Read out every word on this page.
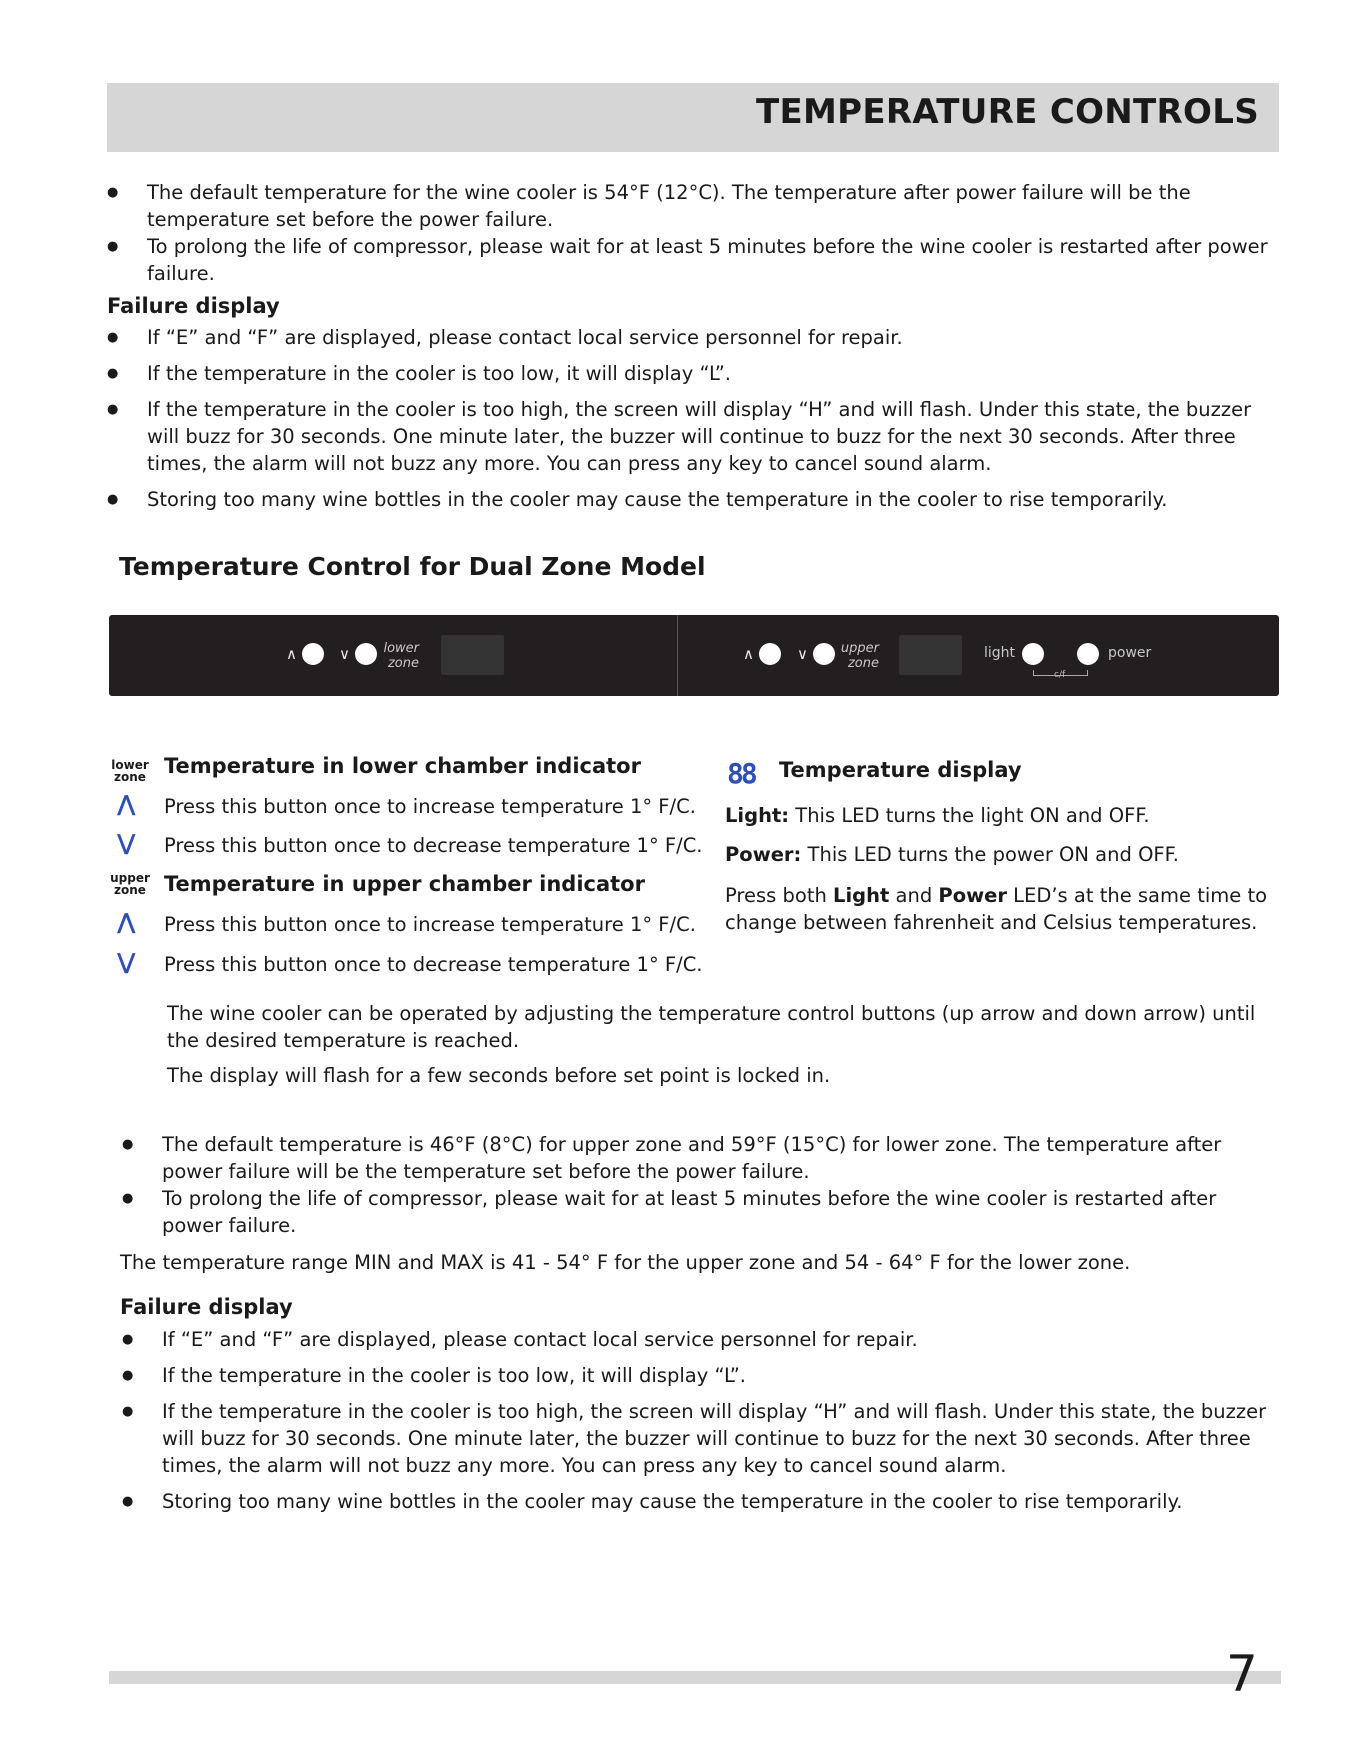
TEMPERATURE CONTROLS
● The default temperature for the wine cooler is 54°F (12°C). The temperature after power failure will be the temperature set before the power failure.
● To prolong the life of compressor, please wait for at least 5 minutes before the wine cooler is restarted after power failure.
Failure display
● If “E” and “F” are displayed, please contact local service personnel for repair.
● If the temperature in the cooler is too low, it will display “L”.
● If the temperature in the cooler is too high, the screen will display “H” and will flash. Under this state, the buzzer will buzz for 30 seconds. One minute later, the buzzer will continue to buzz for the next 30 seconds. After three times, the alarm will not buzz any more. You can press any key to cancel sound alarm.
● Storing too many wine bottles in the cooler may cause the temperature in the cooler to rise temporarily.
Temperature Control for Dual Zone Model
∧	∨	lower
zone
∧	∨	upper
zone
light	power
c/f
lower
zone Temperature in lower chamber indicator
⋀ Press this button once to increase temperature 1° F/C.
⋁ Press this button once to decrease temperature 1° F/C.
upper
zone Temperature in upper chamber indicator
⋀ Press this button once to increase temperature 1° F/C.
⋁ Press this button once to decrease temperature 1° F/C.
88 Temperature display
Light: This LED turns the light ON and OFF.
Power: This LED turns the power ON and OFF.
Press both Light and Power LED’s at the same time to change between fahrenheit and Celsius temperatures.
The wine cooler can be operated by adjusting the temperature control buttons (up arrow and down arrow) until the desired temperature is reached.
The display will flash for a few seconds before set point is locked in.
● The default temperature is 46°F (8°C) for upper zone and 59°F (15°C) for lower zone. The temperature after power failure will be the temperature set before the power failure.
● To prolong the life of compressor, please wait for at least 5 minutes before the wine cooler is restarted after power failure.
The temperature range MIN and MAX is 41 - 54° F for the upper zone and 54 - 64° F for the lower zone.
Failure display
● If “E” and “F” are displayed, please contact local service personnel for repair.
● If the temperature in the cooler is too low, it will display “L”.
● If the temperature in the cooler is too high, the screen will display “H” and will flash. Under this state, the buzzer will buzz for 30 seconds. One minute later, the buzzer will continue to buzz for the next 30 seconds. After three times, the alarm will not buzz any more. You can press any key to cancel sound alarm.
● Storing too many wine bottles in the cooler may cause the temperature in the cooler to rise temporarily.
7
